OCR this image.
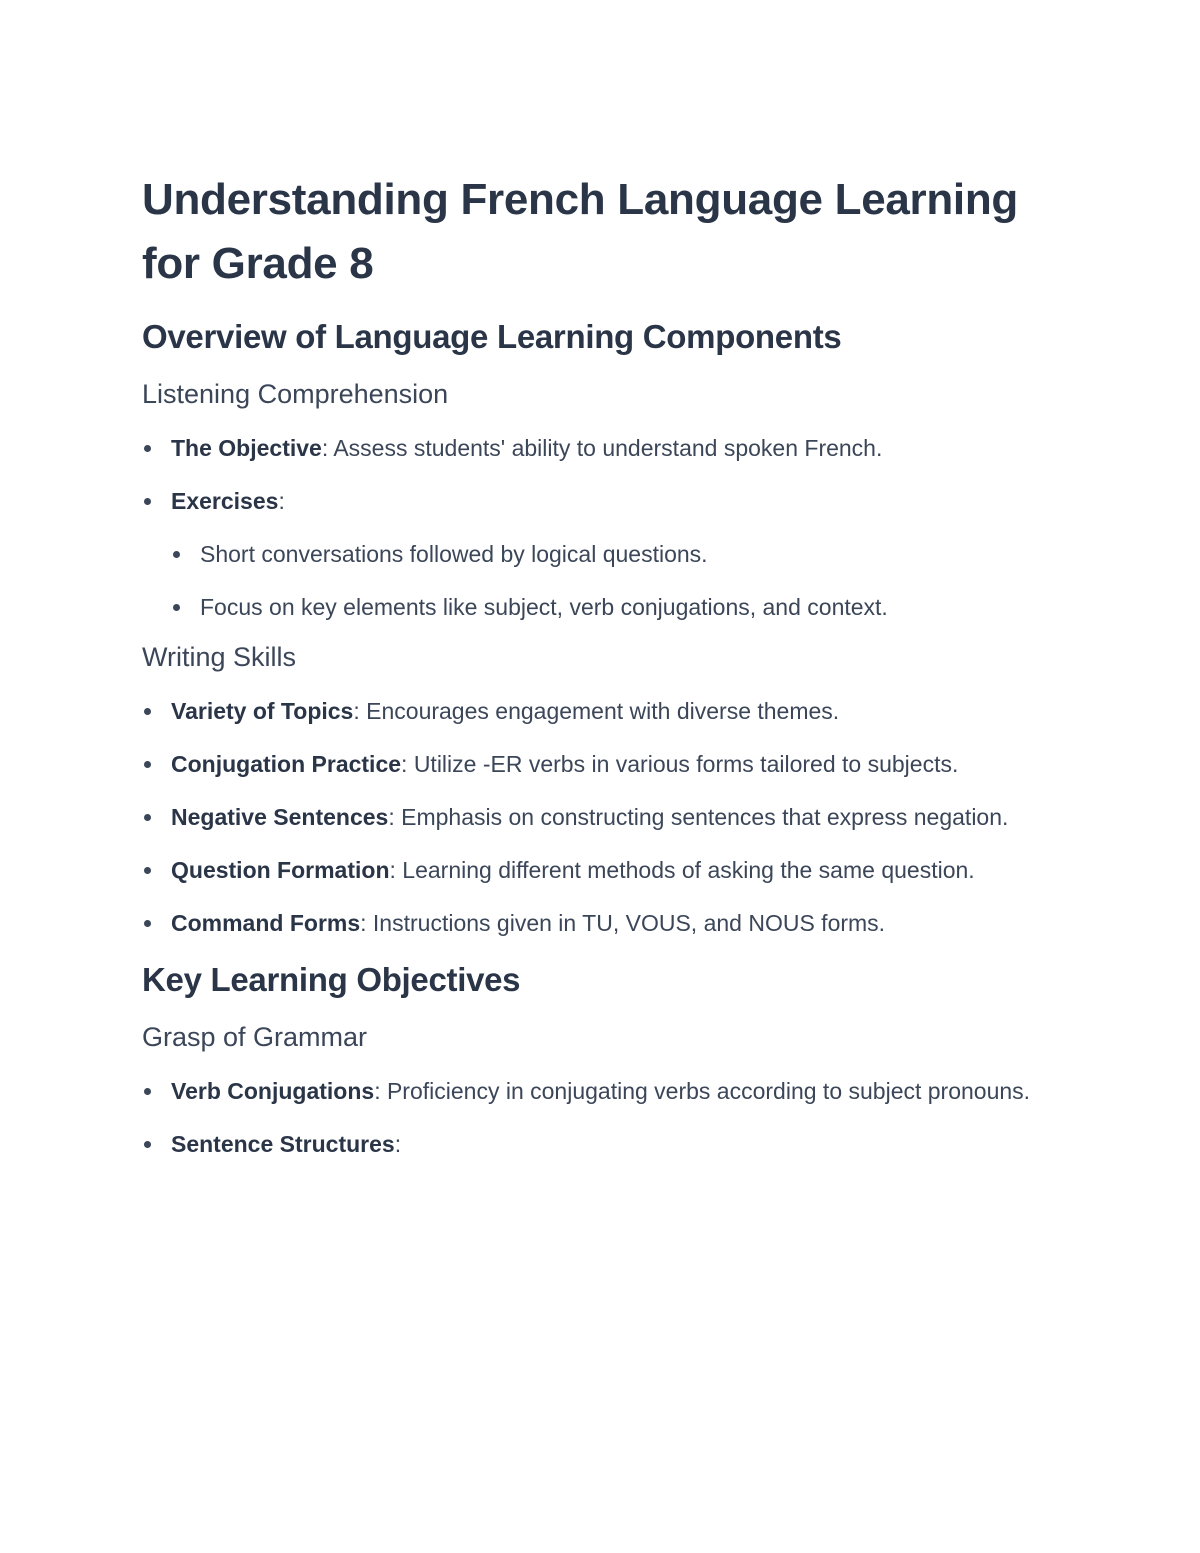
Understanding French Language Learning for Grade 8
Overview of Language Learning Components
Listening Comprehension
The Objective: Assess students' ability to understand spoken French.
Exercises:
Short conversations followed by logical questions.
Focus on key elements like subject, verb conjugations, and context.
Writing Skills
Variety of Topics: Encourages engagement with diverse themes.
Conjugation Practice: Utilize -ER verbs in various forms tailored to subjects.
Negative Sentences: Emphasis on constructing sentences that express negation.
Question Formation: Learning different methods of asking the same question.
Command Forms: Instructions given in TU, VOUS, and NOUS forms.
Key Learning Objectives
Grasp of Grammar
Verb Conjugations: Proficiency in conjugating verbs according to subject pronouns.
Sentence Structures:
